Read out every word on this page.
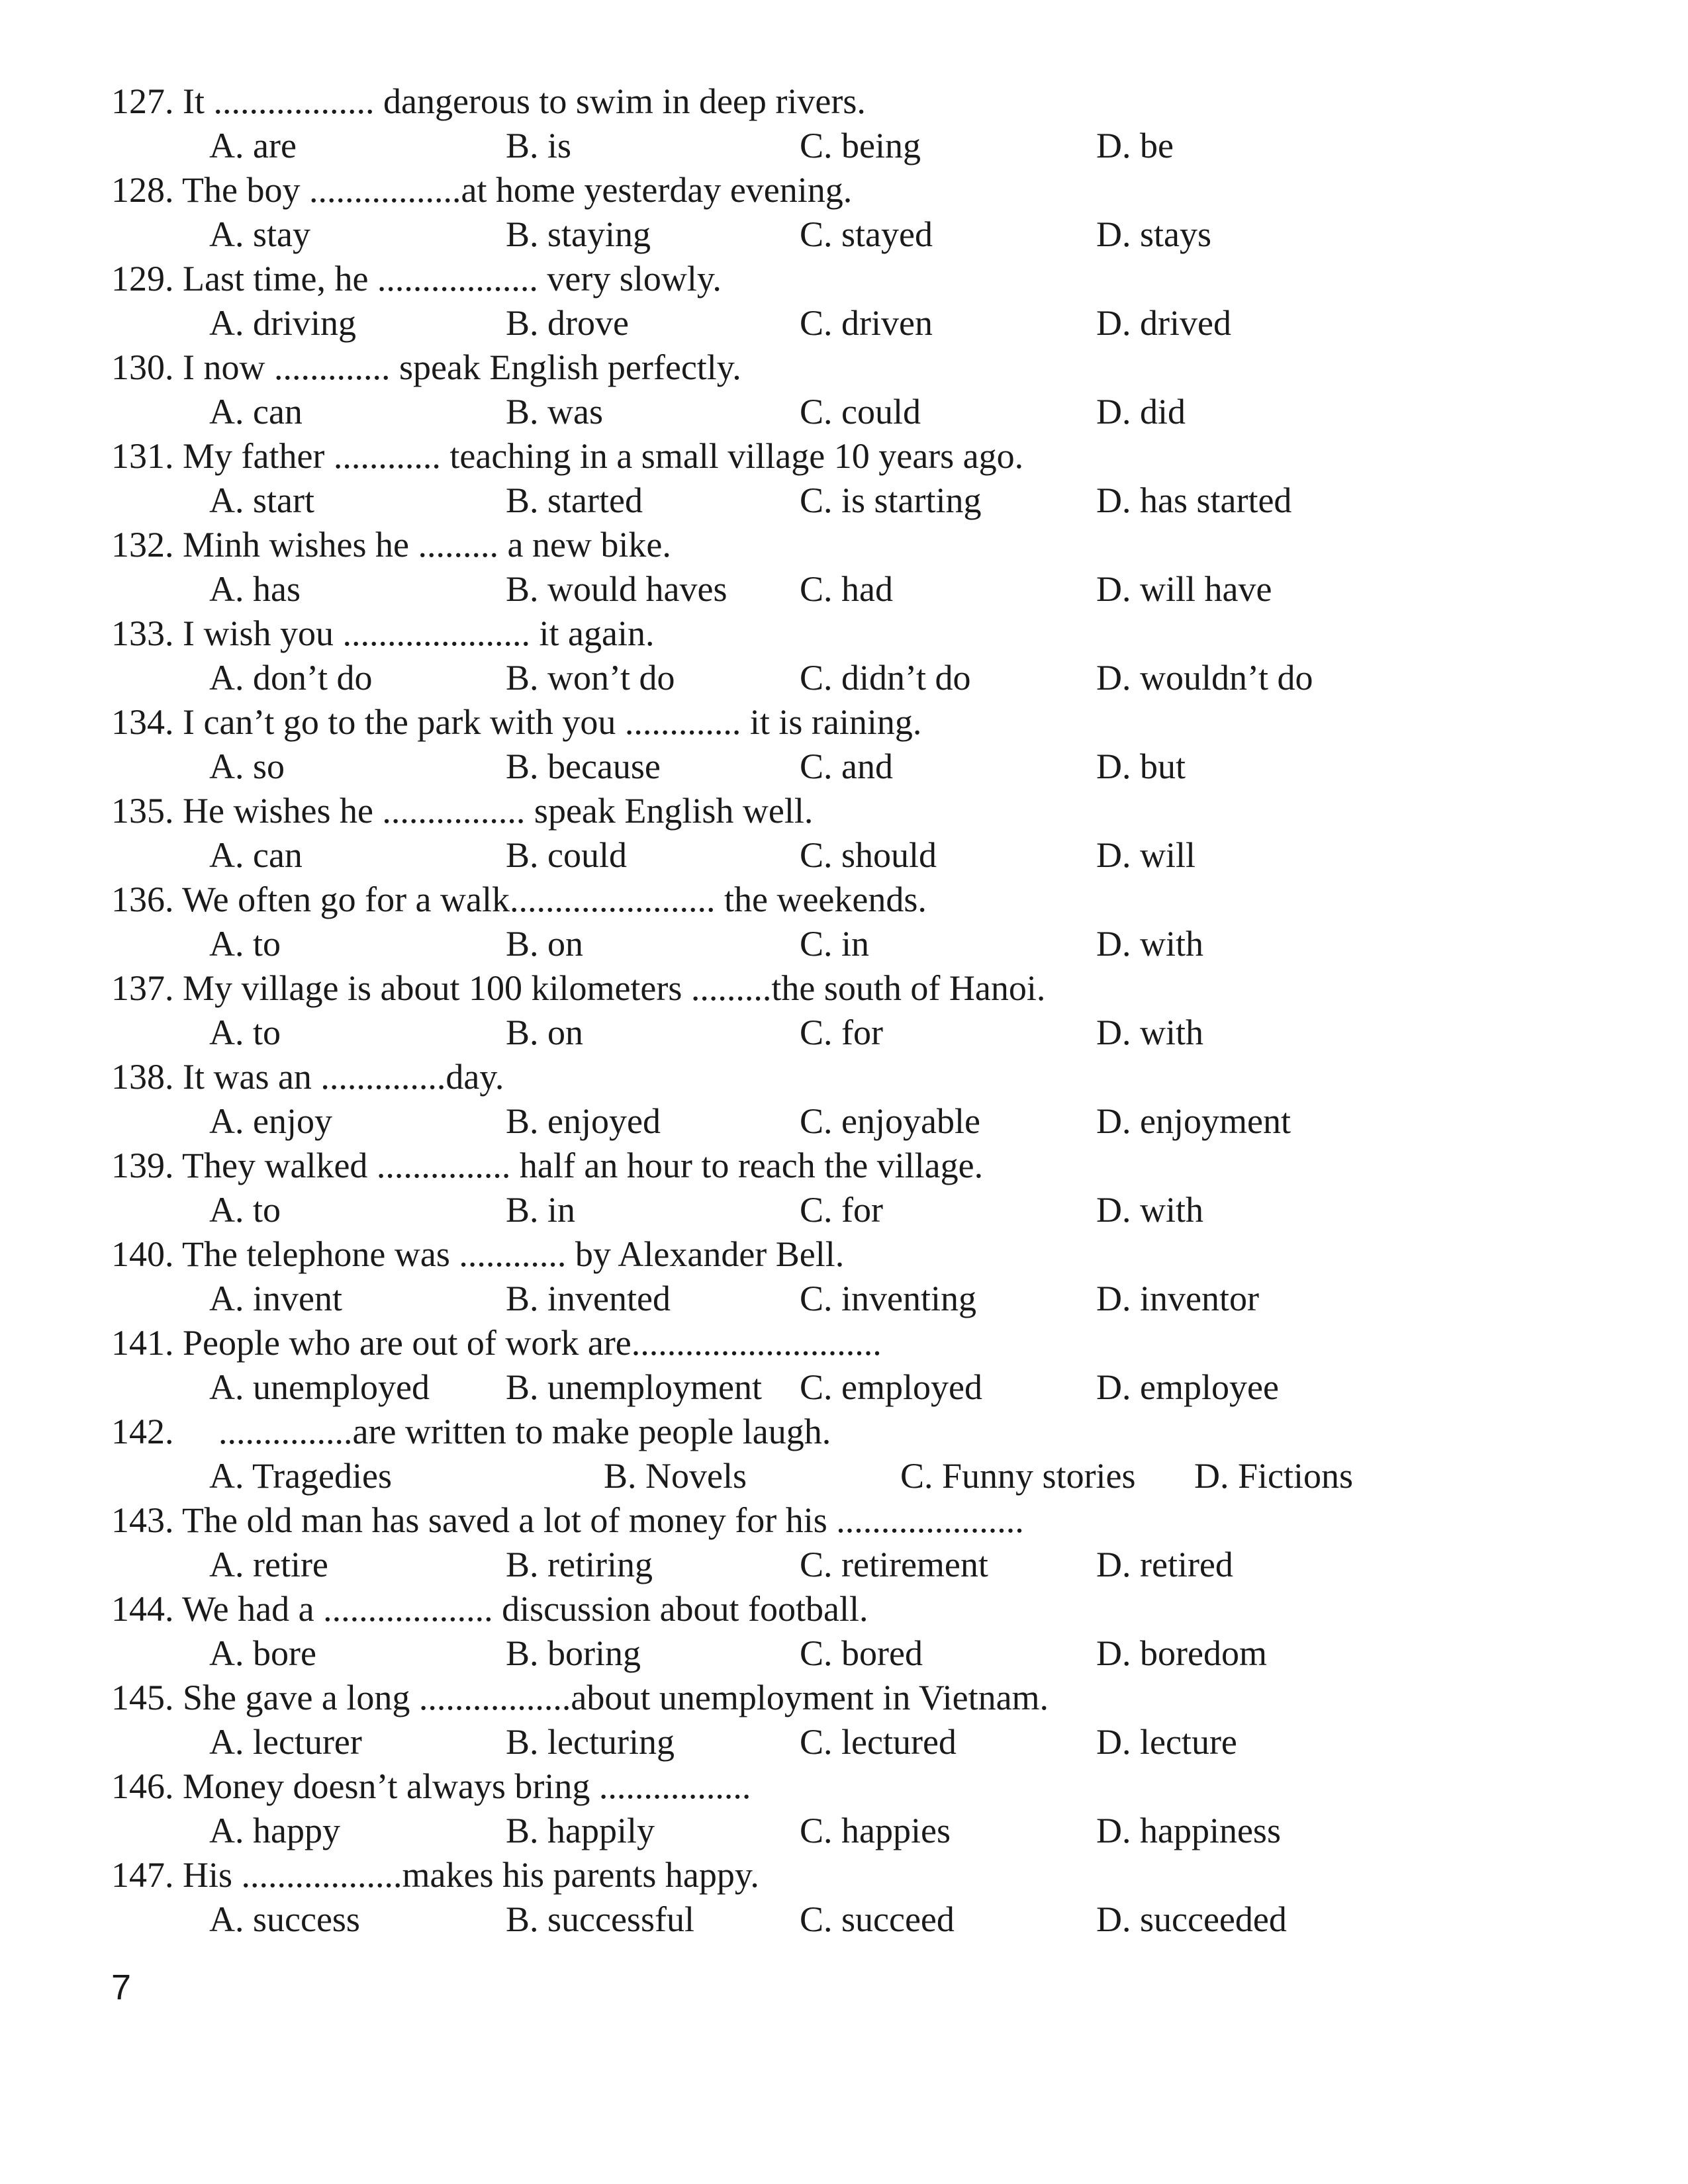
127. It .................. dangerous to swim in deep rivers.
A. are	B. is	C. being	D. be
128. The boy .................at home yesterday evening.
A. stay	B. staying	C. stayed	D. stays
129. Last time, he .................. very slowly.
A. driving	B. drove	C. driven	D. drived
130. I now ............. speak English perfectly.
A. can	B. was	C. could	D. did
131. My father ............ teaching in a small village 10 years ago.
A. start	B. started	C. is starting	D. has started
132. Minh wishes he ......... a new bike.
A. has	B. would haves C. had	D. will have
133. I wish you ..................... it again.
A. don’t do	B. won’t do	C. didn’t do	D. wouldn’t do
134. I can’t go to the park with you ............. it is raining.
A. so	B. because	C. and	D. but
135. He wishes he ................ speak English well.
A. can	B. could	C. should	D. will
136. We often go for a walk....................... the weekends.
A. to	B. on	C. in	D. with
137. My village is about 100 kilometers .........the south of Hanoi.
A. to	B. on	C. for	D. with
138. It was an ..............day.
A. enjoy	B. enjoyed	C. enjoyable	D. enjoyment
139. They walked ............... half an hour to reach the village.
A. to	B. in	C. for	D. with
140. The telephone was ............ by Alexander Bell.
A. invent	B. invented	C. inventing	D. inventor
141. People who are out of work are............................
A. unemployed B. unemployment C. employed	D. employee
142.     ...............are written to make people laugh.
A. Tragedies	B. Novels	C. Funny stories D. Fictions
143. The old man has saved a lot of money for his .....................
A. retire	B. retiring	C. retirement	D. retired
144. We had a ................... discussion about football.
A. bore	B. boring	C. bored	D. boredom
145. She gave a long .................about unemployment in Vietnam.
A. lecturer	B. lecturing	C. lectured	D. lecture
146. Money doesn’t always bring .................
A. happy	B. happily	C. happies	D. happiness
147. His ..................makes his parents happy.
A. success	B. successful	C. succeed	D. succeeded
7
